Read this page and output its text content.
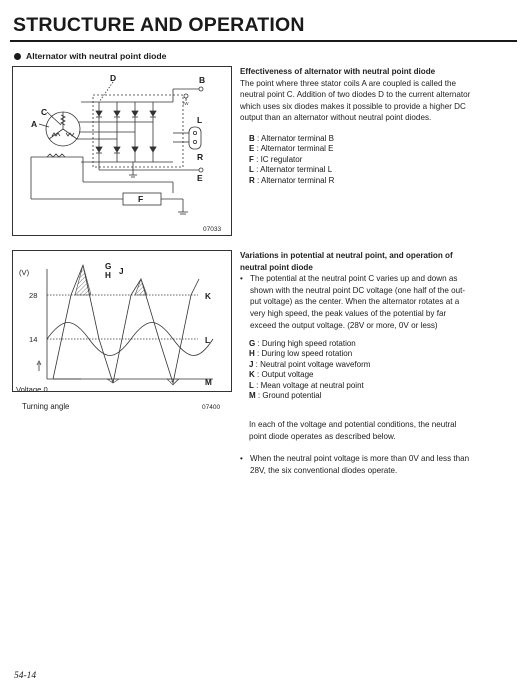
STRUCTURE AND OPERATION
Alternator with neutral point diode
A
C
D	B
L
R
E
F
IW
07033
(V)
28
14
Voltage 0
G
H J
K
L
M
Turning angle	07400
Effectiveness of alternator with neutral point diode
The point where three stator coils A are coupled is called the
neutral point C. Addition of two diodes D to the current alternator
which uses six diodes makes it possible to provide a higher DC
output than an alternator without neutral point diodes.
B : Alternator terminal B
E : Alternator terminal E
F : IC regulator
L : Alternator terminal L
R : Alternator terminal R
Variations in potential at neutral point, and operation of
neutral point diode
• The potential at the neutral point C varies up and down as
shown with the neutral point DC voltage (one half of the out-
put voltage) as the center. When the alternator rotates at a
very high speed, the peak values of the potential by far
exceed the output voltage. (28V or more, 0V or less)
G : During high speed rotation
H : During low speed rotation
J : Neutral point voltage waveform
K : Output voltage
L : Mean voltage at neutral point
M : Ground potential
In each of the voltage and potential conditions, the neutral
point diode operates as described below.
• When the neutral point voltage is more than 0V and less than
28V, the six conventional diodes operate.
54-14
